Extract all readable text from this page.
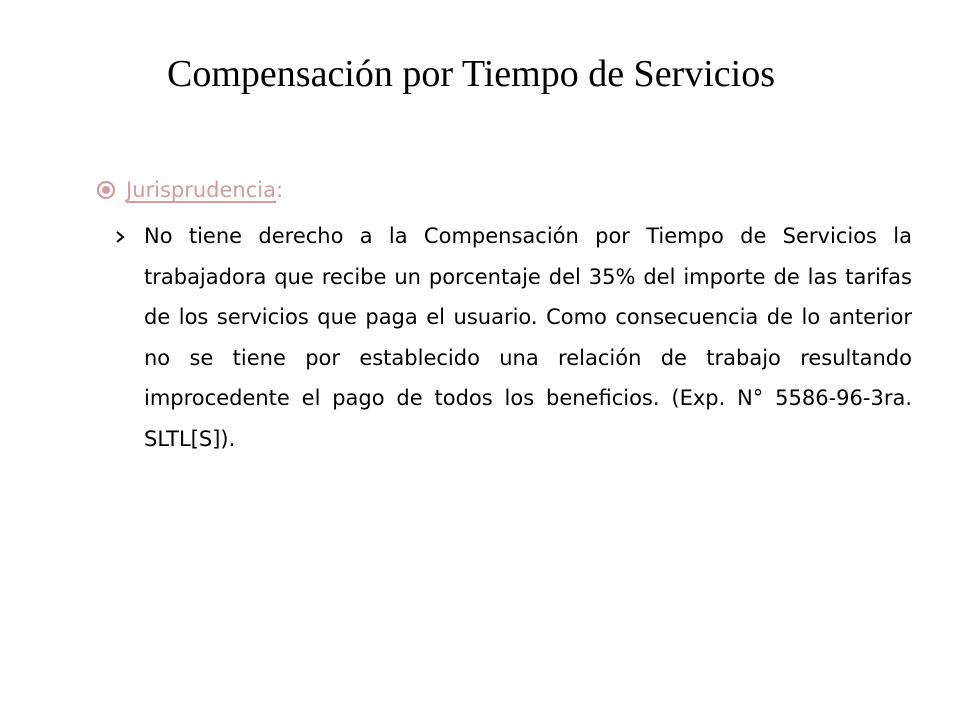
Compensación por Tiempo de Servicios
Jurisprudencia:
No tiene derecho a la Compensación por Tiempo de Servicios la trabajadora que recibe un porcentaje del 35% del importe de las tarifas de los servicios que paga el usuario. Como consecuencia de lo anterior no se tiene por establecido una relación de trabajo resultando improcedente el pago de todos los beneficios. (Exp. N° 5586-96-3ra. SLTL[S]).
